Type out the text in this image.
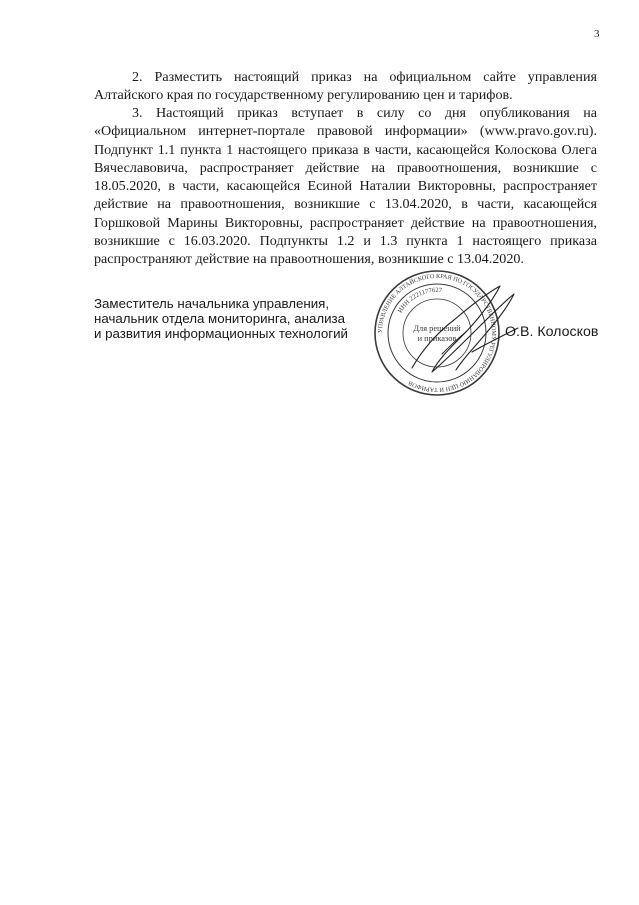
3

2. Разместить настоящий приказ на официальном сайте управления Алтайского края по государственному регулированию цен и тарифов.

3. Настоящий приказ вступает в силу со дня опубликования на «Официальном интернет-портале правовой информации» (www.pravo.gov.ru). Подпункт 1.1 пункта 1 настоящего приказа в части, касающейся Колоскова Олега Вячеславовича, распространяет действие на правоотношения, возникшие с 18.05.2020, в части, касающейся Есиной Наталии Викторовны, распространяет действие на правоотношения, возникшие с 13.04.2020, в части, касающейся Горшковой Марины Викторовны, распространяет действие на правоотношения, возникшие с 16.03.2020. Подпункты 1.2 и 1.3 пункта 1 настоящего приказа распространяют действие на правоотношения, возникшие с 13.04.2020.

Заместитель начальника управления,
начальник отдела мониторинга, анализа
и развития информационных технологий	УПРАВЛЕНИЕ АЛТАЙСКОГО КРАЯ ПО ГОСУДАРСТВЕННОМУ РЕГУЛИРОВАНИЮ ЦЕН И ТАРИФОВ
ИНН 2221177627
Для решений
и приказов	О.В. Колосков
